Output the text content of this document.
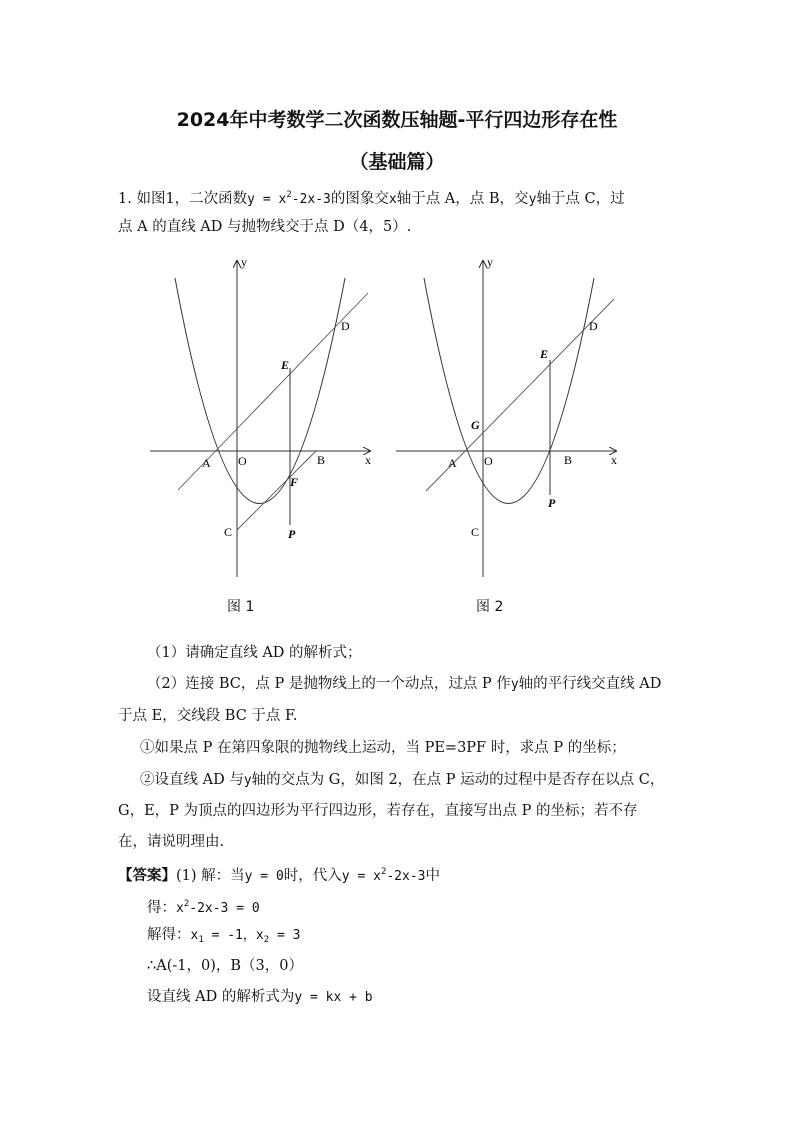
2024年中考数学二次函数压轴题-平行四边形存在性
（基础篇）
1. 如图1，二次函数$y = x^2-2x-3$的图象交x轴于点 A，点 B，交y轴于点 C，过
点 A 的直线 AD 与抛物线交于点 D（4，5）.
y
x
O
A	B
C
D
E
F
P
图 1
y
x
O
A	B
C
D
E
G
P
图 2
（1）请确定直线 AD 的解析式；
（2）连接 BC，点 P 是抛物线上的一个动点，过点 P 作y轴的平行线交直线 AD
于点 E，交线段 BC 于点 F.
①如果点 P 在第四象限的抛物线上运动，当 PE=3PF 时，求点 P 的坐标；
②设直线 AD 与y轴的交点为 G，如图 2，在点 P 运动的过程中是否存在以点 C，
G，E，P 为顶点的四边形为平行四边形，若存在，直接写出点 P 的坐标；若不存
在，请说明理由.
【答案】(1) 解：当y = 0时，代入$y = x^2-2x-3$中
得：$x^2-2x-3 = 0$
解得：$x_1 = -1$，$x_2 = 3$
∴A(-1，0)，B（3，0）
设直线 AD 的解析式为y = kx + b
